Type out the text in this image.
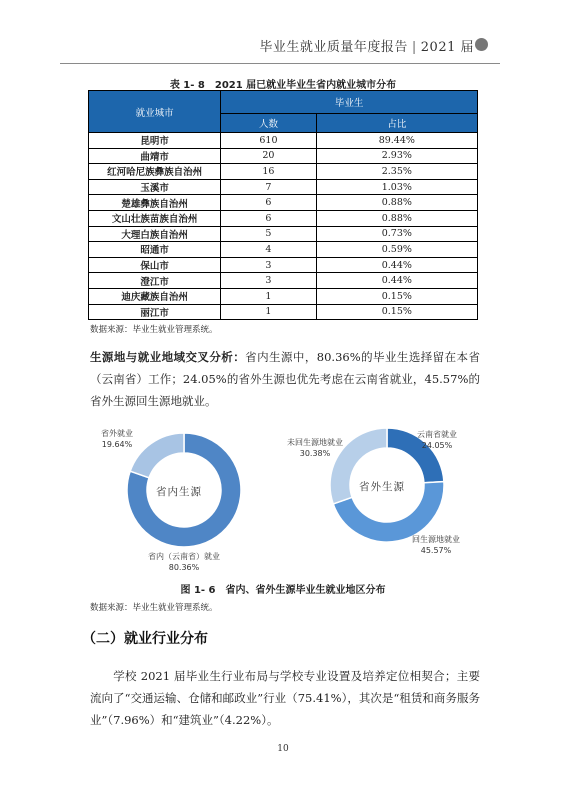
毕业生就业质量年度报告 | 2021 届
表 1- 8　2021 届已就业毕业生省内就业城市分布
就业城市	毕业生	
	人数	占比
昆明市	610	89.44%
曲靖市	20	2.93%
红河哈尼族彝族自治州	16	2.35%
玉溪市	7	1.03%
楚雄彝族自治州	6	0.88%
文山壮族苗族自治州	6	0.88%
大理白族自治州	5	0.73%
昭通市	4	0.59%
保山市	3	0.44%
澄江市	3	0.44%
迪庆藏族自治州	1	0.15%
丽江市	1	0.15%
数据来源：毕业生就业管理系统。
生源地与就业地域交叉分析：省内生源中，80.36%的毕业生选择留在本省（云南省）工作；24.05%的省外生源也优先考虑在云南省就业，45.57%的省外生源回生源地就业。
省内生源
省外就业
19.64%
省内（云南省）就业
80.36%
省外生源
云南省就业
24.05%
回生源地就业
45.57%
未回生源地就业
30.38%
图 1- 6　省内、省外生源毕业生就业地区分布
数据来源：毕业生就业管理系统。
（二）就业行业分布
学校 2021 届毕业生行业布局与学校专业设置及培养定位相契合；主要流向了“交通运输、仓储和邮政业”行业（75.41%），其次是“租赁和商务服务业”（7.96%）和“建筑业”（4.22%）。
10
